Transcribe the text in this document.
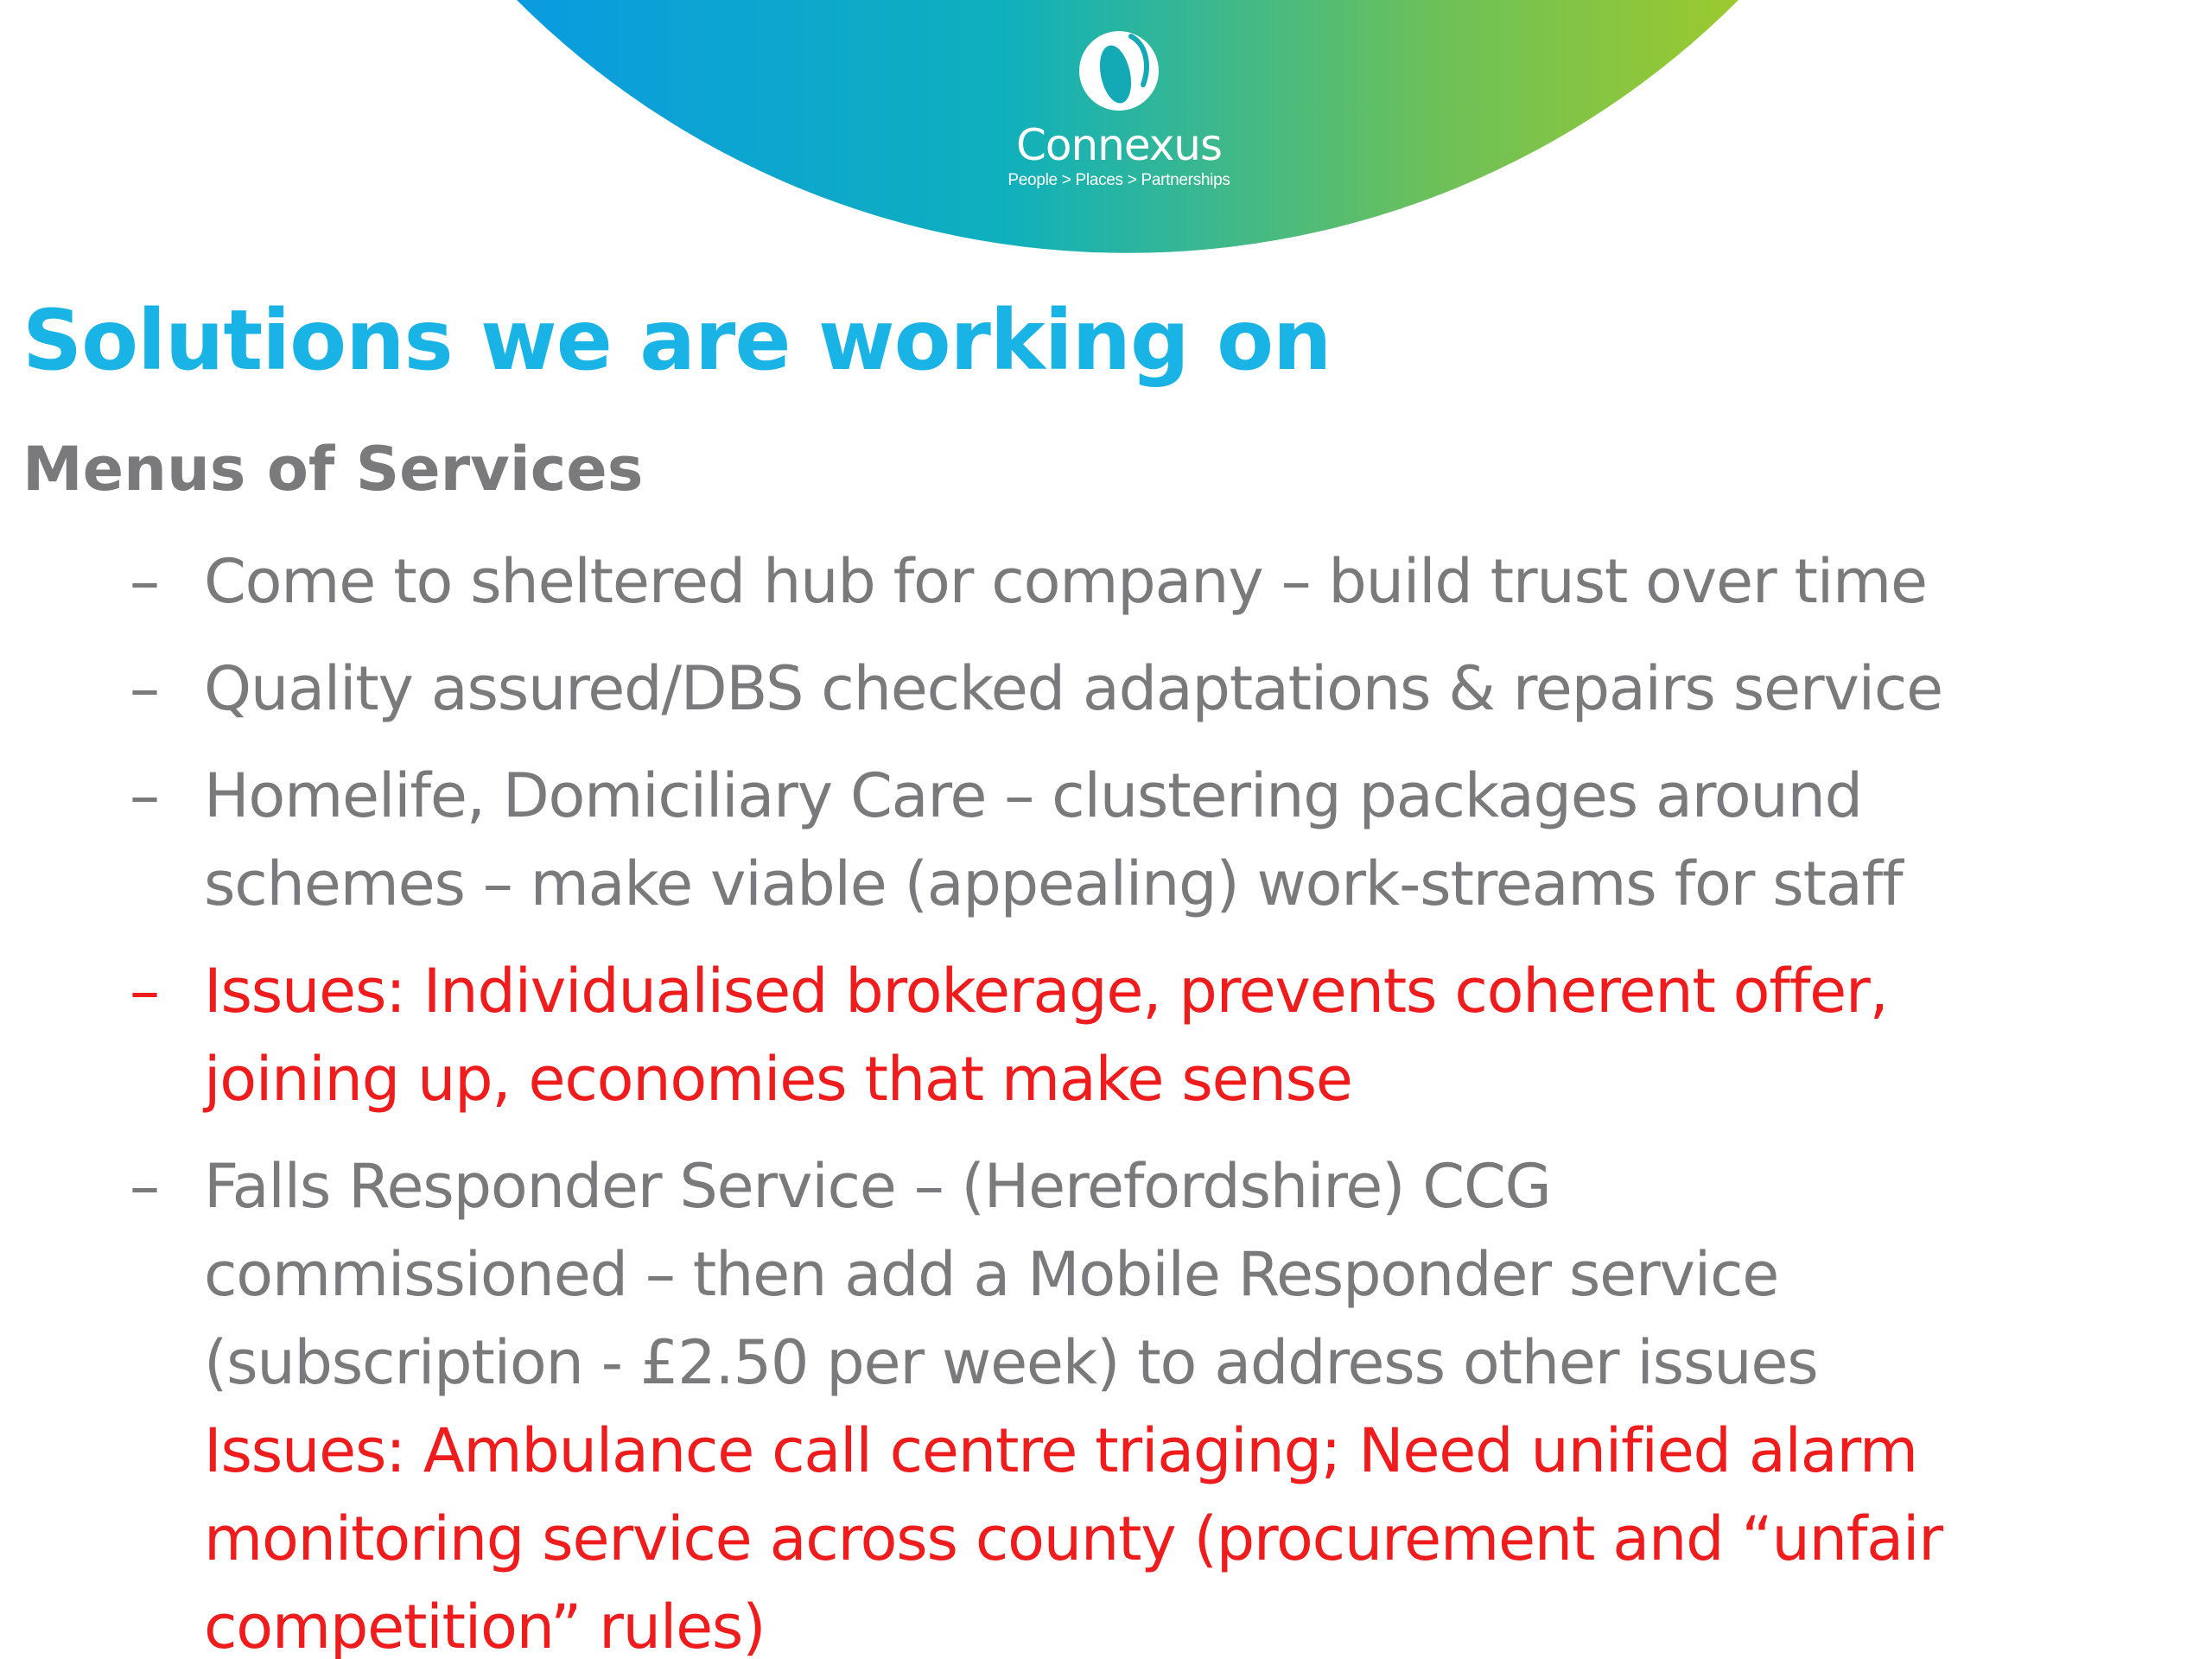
Connexus
People > Places > Partnerships
Solutions we are working on
Menus of Services
– Come to sheltered hub for company – build trust over time
– Quality assured/DBS checked adaptations & repairs service
– Homelife, Domiciliary Care – clustering packages around
schemes – make viable (appealing) work-streams for staff
– Issues: Individualised brokerage, prevents coherent offer,
joining up, economies that make sense
– Falls Responder Service – (Herefordshire) CCG
commissioned – then add a Mobile Responder service
(subscription - £2.50 per week) to address other issues
Issues: Ambulance call centre triaging; Need unified alarm
monitoring service across county (procurement and “unfair
competition” rules)
